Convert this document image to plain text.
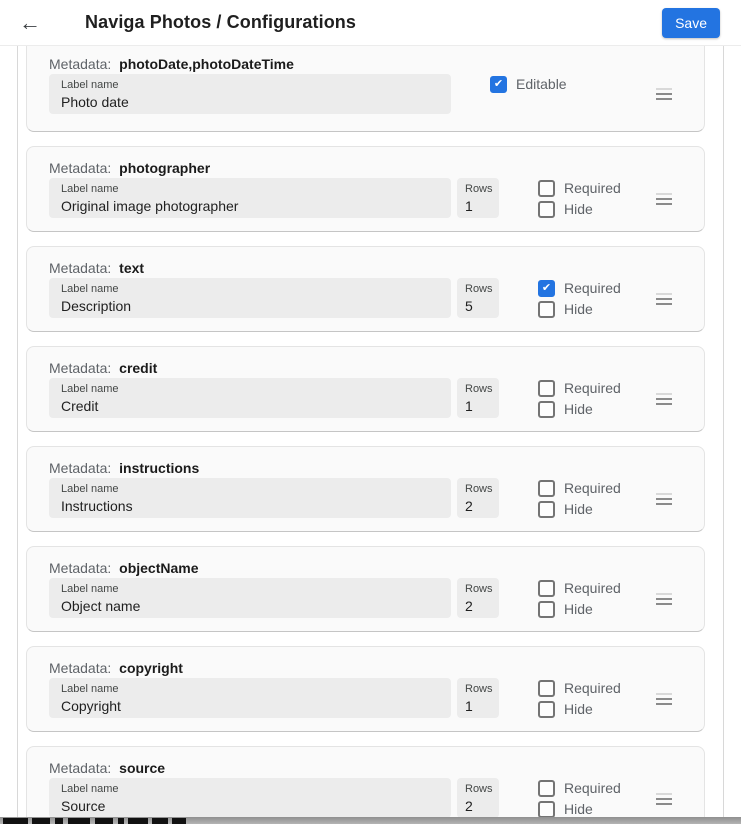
←	Naviga Photos / Configurations	Save
Metadata: photoDate,photoDateTime
Label name
Photo date
✔
Editable
Metadata: photographer
Label name
Original image photographer
Rows
1
Required
Hide
Metadata: text
Label name
Description
Rows
5
✔
Required
Hide
Metadata: credit
Label name
Credit
Rows
1
Required
Hide
Metadata: instructions
Label name
Instructions
Rows
2
Required
Hide
Metadata: objectName
Label name
Object name
Rows
2
Required
Hide
Metadata: copyright
Label name
Copyright
Rows
1
Required
Hide
Metadata: source
Label name
Source
Rows
2
Required
Hide
